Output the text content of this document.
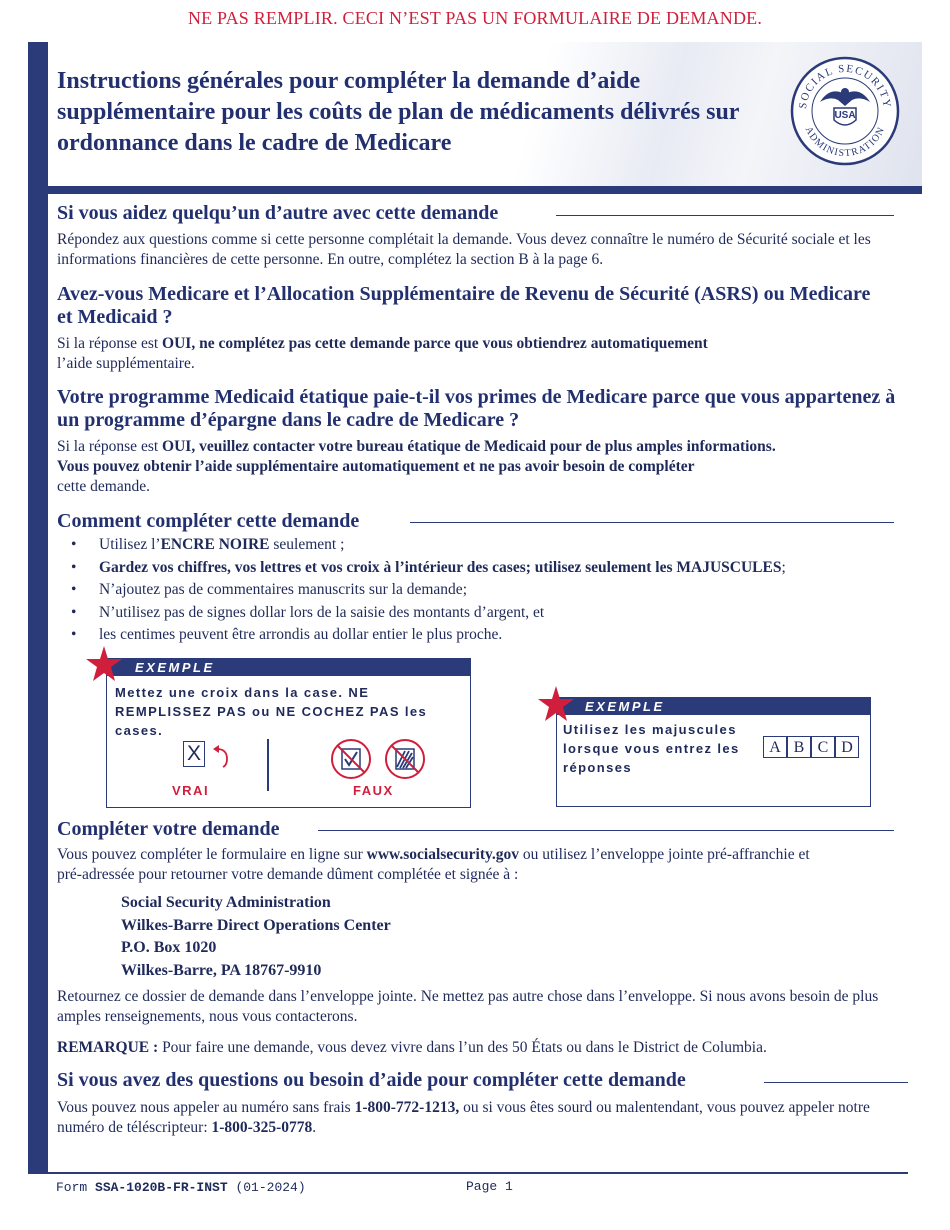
NE PAS REMPLIR. CECI N’EST PAS UN FORMULAIRE DE DEMANDE.
Instructions générales pour compléter la demande d’aide supplémentaire pour les coûts de plan de médicaments délivrés sur ordonnance dans le cadre de Medicare
SOCIAL SECURITY
ADMINISTRATION
USA
Si vous aidez quelqu’un d’autre avec cette demande
Répondez aux questions comme si cette personne complétait la demande. Vous devez connaître le numéro de Sécurité sociale et les informations financières de cette personne. En outre, complétez la section B à la page 6.
Avez-vous Medicare et l’Allocation Supplémentaire de Revenu de Sécurité (ASRS) ou Medicare et Medicaid ?
Si la réponse est OUI, ne complétez pas cette demande parce que vous obtiendrez automatiquement
l’aide supplémentaire.
Votre programme Medicaid étatique paie-t-il vos primes de Medicare parce que vous appartenez à un programme d’épargne dans le cadre de Medicare ?
Si la réponse est OUI, veuillez contacter votre bureau étatique de Medicaid pour de plus amples informations.
Vous pouvez obtenir l’aide supplémentaire automatiquement et ne pas avoir besoin de compléter
cette demande.
Comment compléter cette demande
• Utilisez l’ENCRE NOIRE seulement ;
• Gardez vos chiffres, vos lettres et vos croix à l’intérieur des cases; utilisez seulement les MAJUSCULES;
• N’ajoutez pas de commentaires manuscrits sur la demande;
• N’utilisez pas de signes dollar lors de la saisie des montants d’argent, et
• les centimes peuvent être arrondis au dollar entier le plus proche.
EXEMPLE
Mettez une croix dans la case. NE REMPLISSEZ PAS ou NE COCHEZ PAS les cases.
X
VRAI	FAUX
EXEMPLE
Utilisez les majuscules lorsque vous entrez les réponses
A B C D
Compléter votre demande
Vous pouvez compléter le formulaire en ligne sur www.socialsecurity.gov ou utilisez l’enveloppe jointe pré-affranchie et pré-adressée pour retourner votre demande dûment complétée et signée à :
Social Security Administration
Wilkes-Barre Direct Operations Center
P.O. Box 1020
Wilkes-Barre, PA 18767-9910
Retournez ce dossier de demande dans l’enveloppe jointe. Ne mettez pas autre chose dans l’enveloppe. Si nous avons besoin de plus amples renseignements, nous vous contacterons.
REMARQUE : Pour faire une demande, vous devez vivre dans l’un des 50 États ou dans le District de Columbia.
Si vous avez des questions ou besoin d’aide pour compléter cette demande
Vous pouvez nous appeler au numéro sans frais 1-800-772-1213, ou si vous êtes sourd ou malentendant, vous pouvez appeler notre numéro de téléscripteur: 1-800-325-0778.
Form SSA-1020B-FR-INST (01-2024)	Page 1
